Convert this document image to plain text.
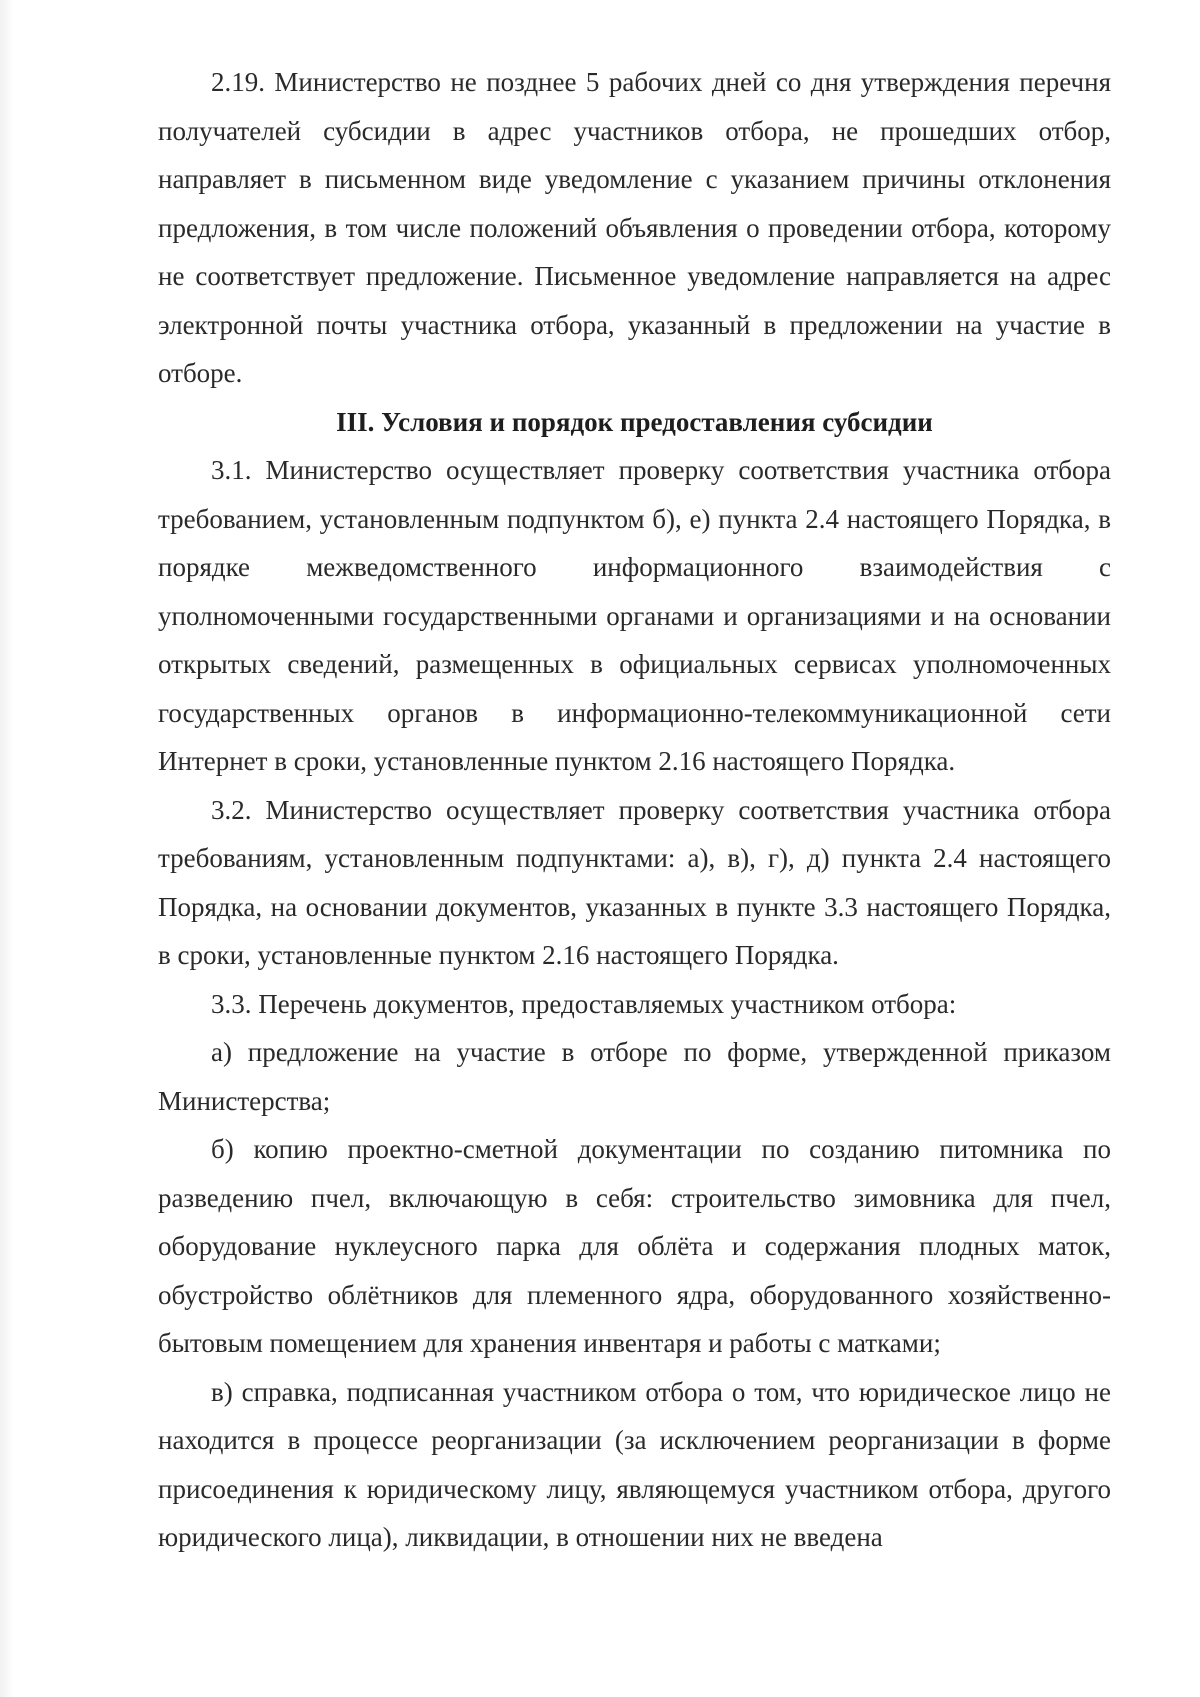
2.19. Министерство не позднее 5 рабочих дней со дня утверждения перечня получателей субсидии в адрес участников отбора, не прошедших отбор, направляет в письменном виде уведомление с указанием причины отклонения предложения, в том числе положений объявления о проведении отбора, которому не соответствует предложение. Письменное уведомление направляется на адрес электронной почты участника отбора, указанный в предложении на участие в отборе.

III. Условия и порядок предоставления субсидии

3.1. Министерство осуществляет проверку соответствия участника отбора требованием, установленным подпунктом б), е) пункта 2.4 настоящего Порядка, в порядке межведомственного информационного взаимодействия с уполномоченными государственными органами и организациями и на основании открытых сведений, размещенных в официальных сервисах уполномоченных государственных органов в информационно-телекоммуникационной сети Интернет в сроки, установленные пунктом 2.16 настоящего Порядка.

3.2. Министерство осуществляет проверку соответствия участника отбора требованиям, установленным подпунктами: а), в), г), д) пункта 2.4 настоящего Порядка, на основании документов, указанных в пункте 3.3 настоящего Порядка, в сроки, установленные пунктом 2.16 настоящего Порядка.

3.3. Перечень документов, предоставляемых участником отбора:

а) предложение на участие в отборе по форме, утвержденной приказом Министерства;

б) копию проектно-сметной документации по созданию питомника по разведению пчел, включающую в себя: строительство зимовника для пчел, оборудование нуклеусного парка для облёта и содержания плодных маток, обустройство облётников для племенного ядра, оборудованного хозяйственно-бытовым помещением для хранения инвентаря и работы с матками;

в) справка, подписанная участником отбора о том, что юридическое лицо не находится в процессе реорганизации (за исключением реорганизации в форме присоединения к юридическому лицу, являющемуся участником отбора, другого юридического лица), ликвидации, в отношении них не введена
